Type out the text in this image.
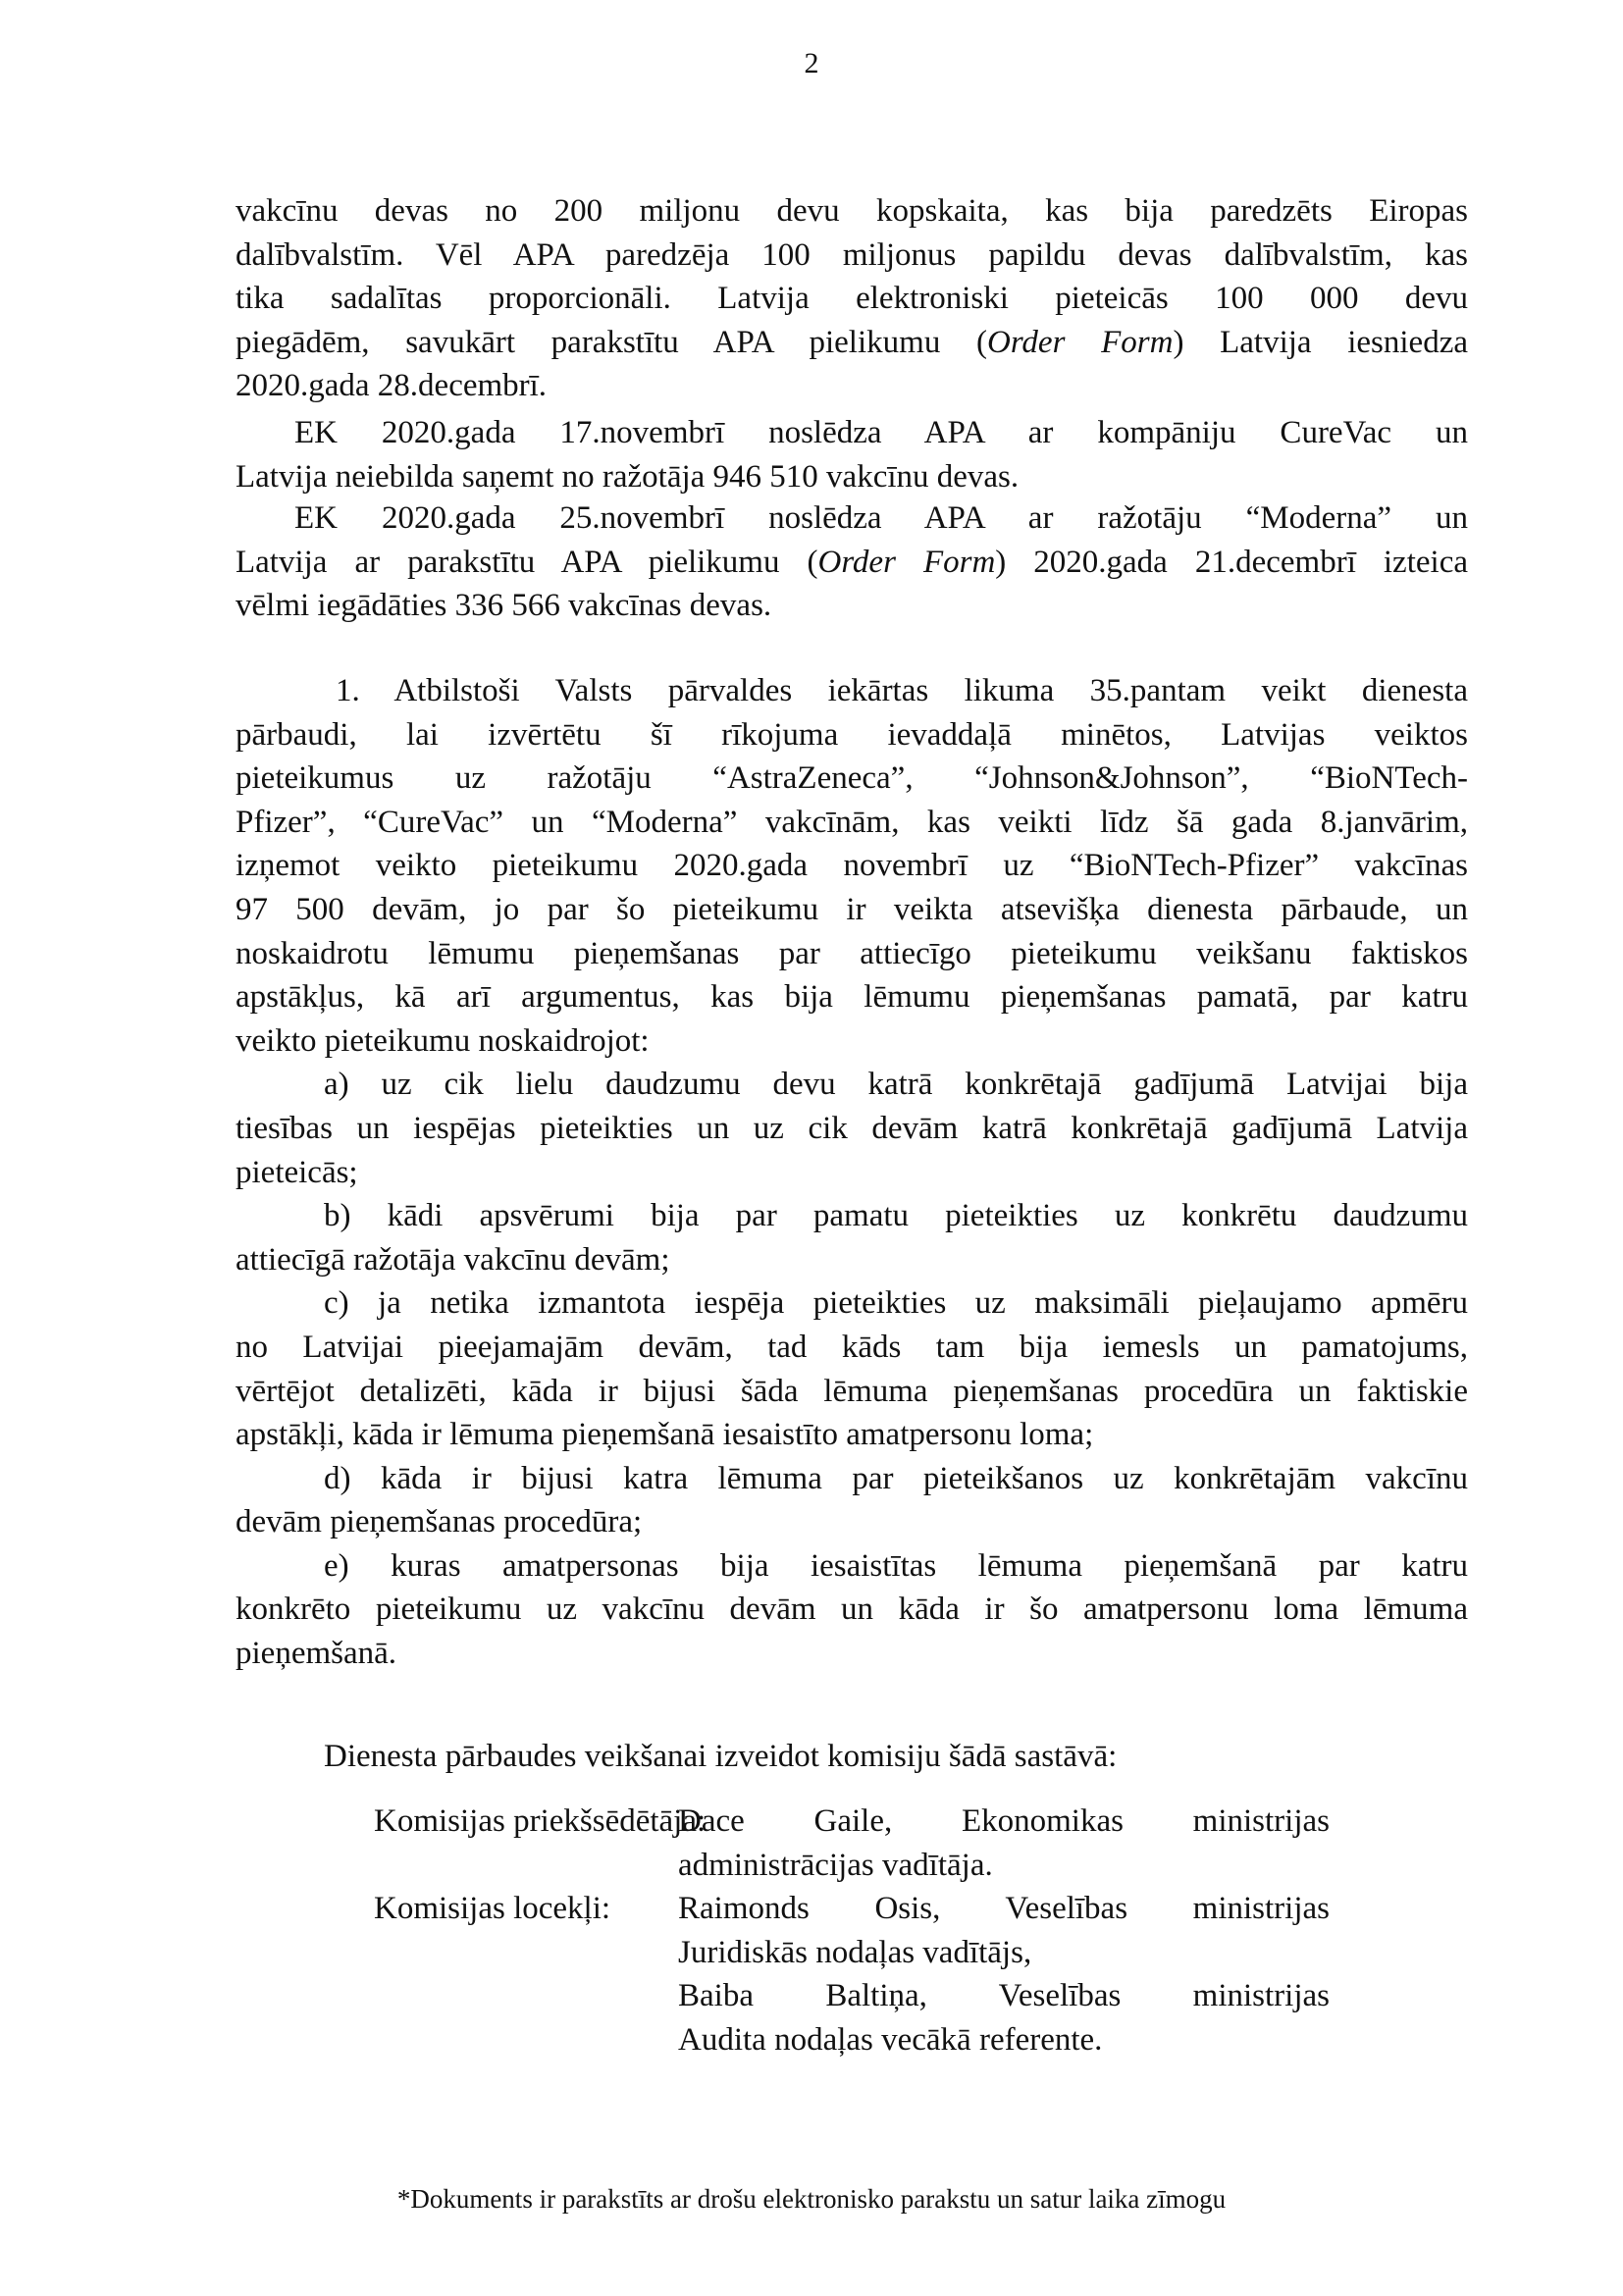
2
vakcīnu devas no 200 miljonu devu kopskaita, kas bija paredzēts Eiropas
dalībvalstīm. Vēl APA paredzēja 100 miljonus papildu devas dalībvalstīm, kas
tika sadalītas proporcionāli. Latvija elektroniski pieteicās 100 000 devu
piegādēm, savukārt parakstītu APA pielikumu (Order Form) Latvija iesniedza
2020.gada 28.decembrī.
EK 2020.gada 17.novembrī noslēdza APA ar kompāniju CureVac un
Latvija neiebilda saņemt no ražotāja 946 510 vakcīnu devas.
EK 2020.gada 25.novembrī noslēdza APA ar ražotāju “Moderna” un
Latvija ar parakstītu APA pielikumu (Order Form) 2020.gada 21.decembrī izteica
vēlmi iegādāties 336 566 vakcīnas devas.
1. Atbilstoši Valsts pārvaldes iekārtas likuma 35.pantam veikt dienesta
pārbaudi, lai izvērtētu šī rīkojuma ievaddaļā minētos, Latvijas veiktos
pieteikumus uz ražotāju “AstraZeneca”, “Johnson&Johnson”, “BioNTech-
Pfizer”, “CureVac” un “Moderna” vakcīnām, kas veikti līdz šā gada 8.janvārim,
izņemot veikto pieteikumu 2020.gada novembrī uz “BioNTech-Pfizer” vakcīnas
97 500 devām, jo par šo pieteikumu ir veikta atsevišķa dienesta pārbaude, un
noskaidrotu lēmumu pieņemšanas par attiecīgo pieteikumu veikšanu faktiskos
apstākļus, kā arī argumentus, kas bija lēmumu pieņemšanas pamatā, par katru
veikto pieteikumu noskaidrojot:
a) uz cik lielu daudzumu devu katrā konkrētajā gadījumā Latvijai bija
tiesības un iespējas pieteikties un uz cik devām katrā konkrētajā gadījumā Latvija
pieteicās;
b) kādi apsvērumi bija par pamatu pieteikties uz konkrētu daudzumu
attiecīgā ražotāja vakcīnu devām;
c) ja netika izmantota iespēja pieteikties uz maksimāli pieļaujamo apmēru
no Latvijai pieejamajām devām, tad kāds tam bija iemesls un pamatojums,
vērtējot detalizēti, kāda ir bijusi šāda lēmuma pieņemšanas procedūra un faktiskie
apstākļi, kāda ir lēmuma pieņemšanā iesaistīto amatpersonu loma;
d) kāda ir bijusi katra lēmuma par pieteikšanos uz konkrētajām vakcīnu
devām pieņemšanas procedūra;
e) kuras amatpersonas bija iesaistītas lēmuma pieņemšanā par katru
konkrēto pieteikumu uz vakcīnu devām un kāda ir šo amatpersonu loma lēmuma
pieņemšanā.
Dienesta pārbaudes veikšanai izveidot komisiju šādā sastāvā:
Komisijas priekšsēdētāja:
Dace Gaile, Ekonomikas ministrijas
administrācijas vadītāja.
Komisijas locekļi:	Raimonds Osis, Veselības ministrijas
Juridiskās nodaļas vadītājs,
Baiba Baltiņa, Veselības ministrijas
Audita nodaļas vecākā referente.
*Dokuments ir parakstīts ar drošu elektronisko parakstu un satur laika zīmogu
